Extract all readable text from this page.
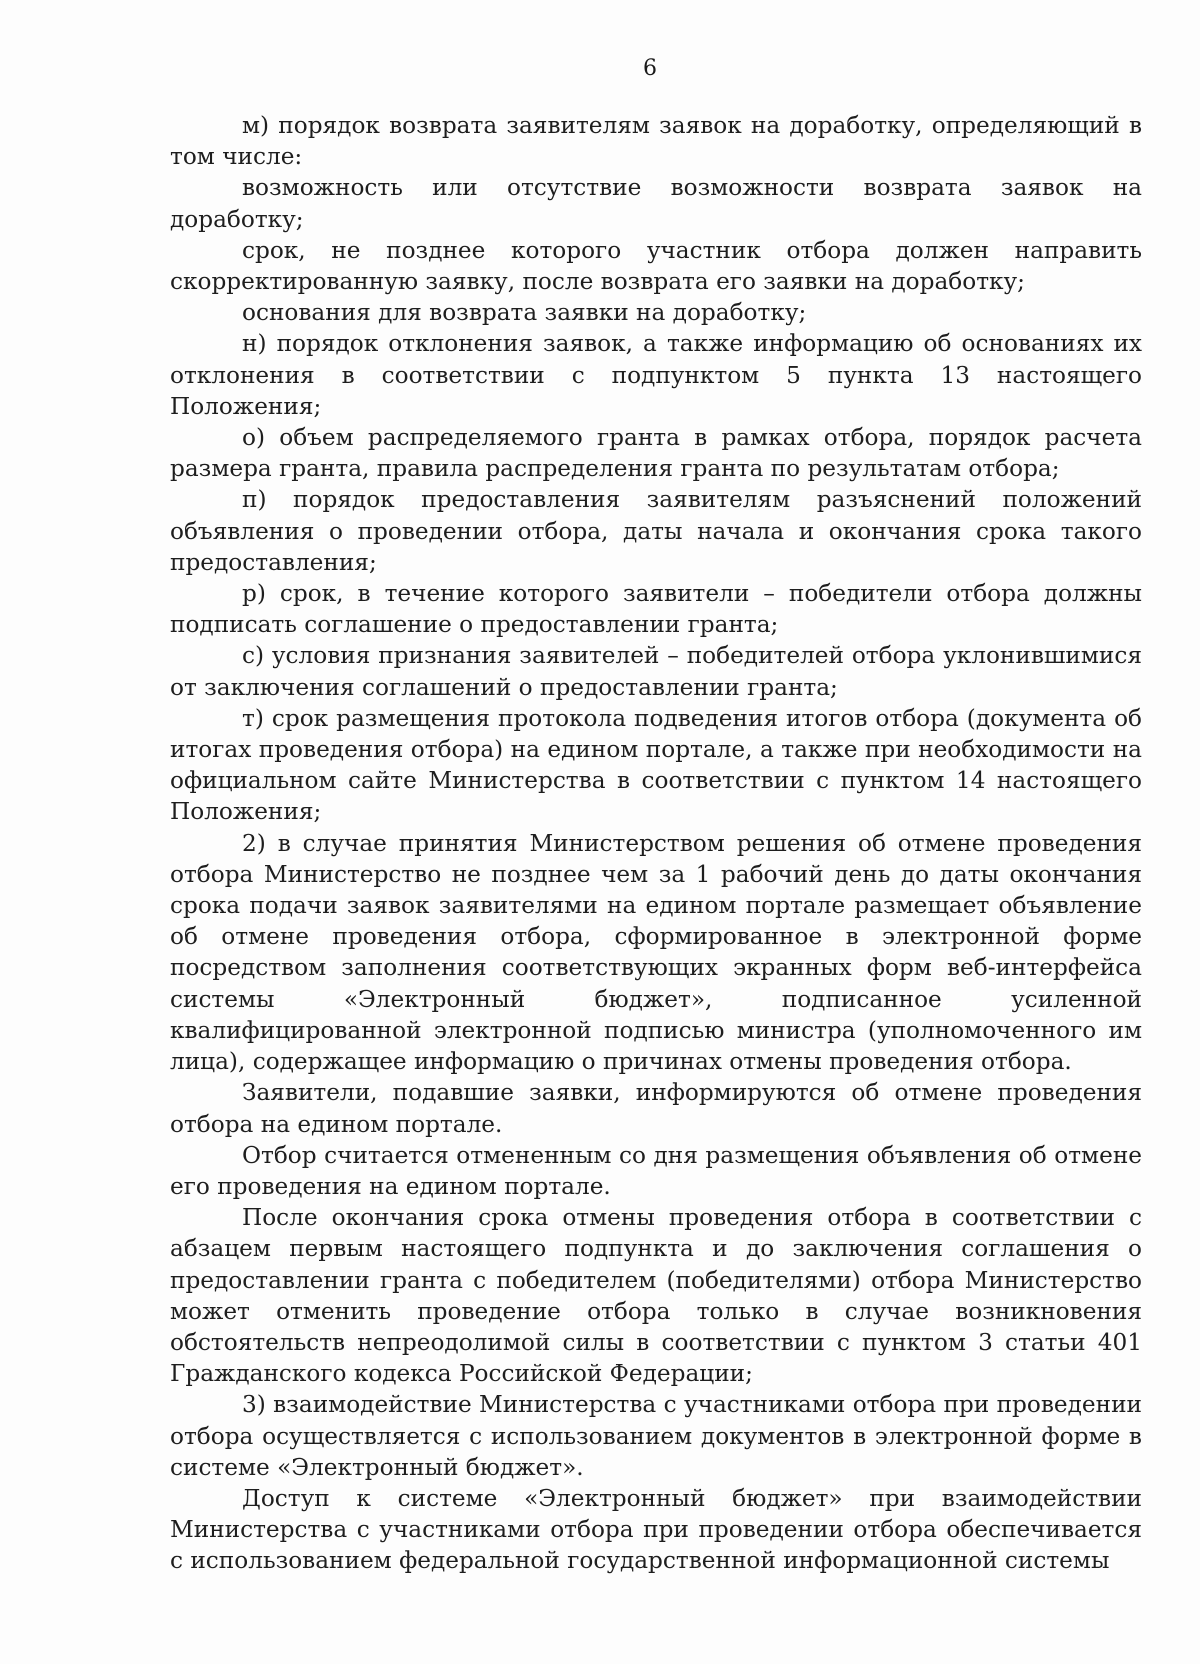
6

м) порядок возврата заявителям заявок на доработку, определяющий в том числе:

возможность или отсутствие возможности возврата заявок на доработку;

срок, не позднее которого участник отбора должен направить скорректированную заявку, после возврата его заявки на доработку;

основания для возврата заявки на доработку;

н) порядок отклонения заявок, а также информацию об основаниях их отклонения в соответствии с подпунктом 5 пункта 13 настоящего Положения;

о) объем распределяемого гранта в рамках отбора, порядок расчета размера гранта, правила распределения гранта по результатам отбора;

п) порядок предоставления заявителям разъяснений положений объявления о проведении отбора, даты начала и окончания срока такого предоставления;

р) срок, в течение которого заявители – победители отбора должны подписать соглашение о предоставлении гранта;

с) условия признания заявителей – победителей отбора уклонившимися от заключения соглашений о предоставлении гранта;

т) срок размещения протокола подведения итогов отбора (документа об итогах проведения отбора) на едином портале, а также при необходимости на официальном сайте Министерства в соответствии с пунктом 14 настоящего Положения;

2) в случае принятия Министерством решения об отмене проведения отбора Министерство не позднее чем за 1 рабочий день до даты окончания срока подачи заявок заявителями на едином портале размещает объявление об отмене проведения отбора, сформированное в электронной форме посредством заполнения соответствующих экранных форм веб-интерфейса системы «Электронный бюджет», подписанное усиленной квалифицированной электронной подписью министра (уполномоченного им лица), содержащее информацию о причинах отмены проведения отбора.

Заявители, подавшие заявки, информируются об отмене проведения отбора на едином портале.

Отбор считается отмененным со дня размещения объявления об отмене его проведения на едином портале.

После окончания срока отмены проведения отбора в соответствии с абзацем первым настоящего подпункта и до заключения соглашения о предоставлении гранта с победителем (победителями) отбора Министерство может отменить проведение отбора только в случае возникновения обстоятельств непреодолимой силы в соответствии с пунктом 3 статьи 401 Гражданского кодекса Российской Федерации;

3) взаимодействие Министерства с участниками отбора при проведении отбора осуществляется с использованием документов в электронной форме в системе «Электронный бюджет».

Доступ к системе «Электронный бюджет» при взаимодействии Министерства с участниками отбора при проведении отбора обеспечивается с использованием федеральной государственной информационной системы
